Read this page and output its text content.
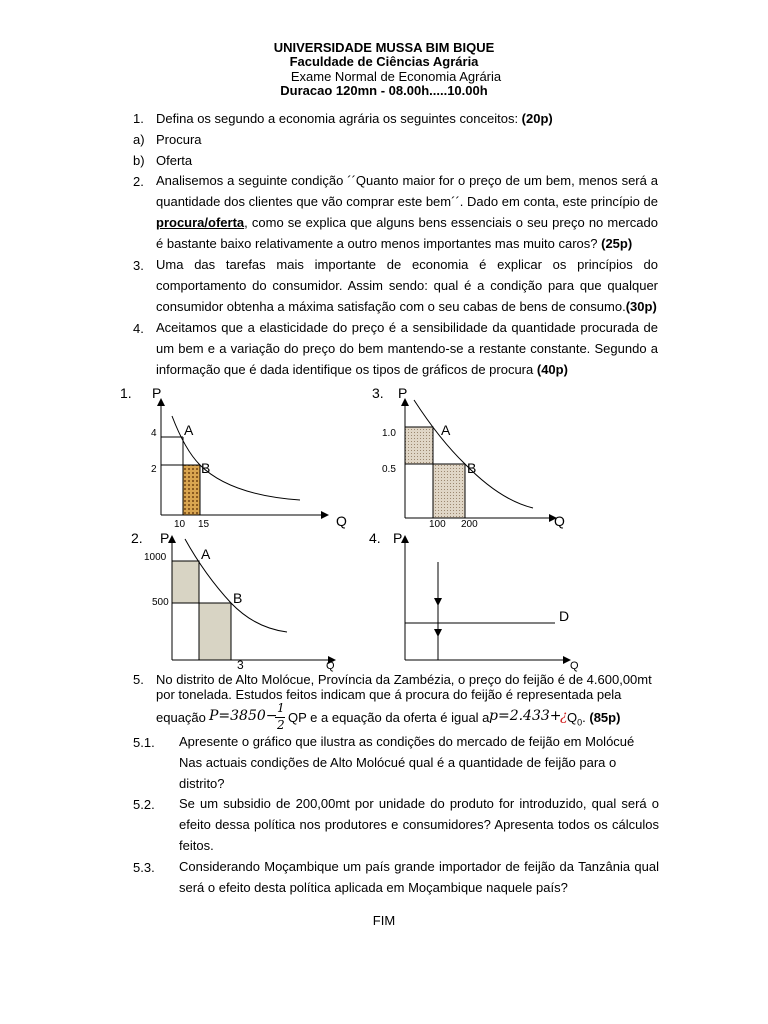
UNIVERSIDADE MUSSA BIM BIQUE
Faculdade de Ciências Agrária
Exame Normal de Economia Agrária
Duracao 120mn - 08.00h.....10.00h
1. Defina os segundo a economia agrária os seguintes conceitos: (20p)
a) Procura
b) Oferta
2. Analisemos a seguinte condição ´´Quanto maior for o preço de um bem, menos será a quantidade dos clientes que vão comprar este bem´´. Dado em conta, este princípio de procura/oferta, como se explica que alguns bens essenciais o seu preço no mercado é bastante baixo relativamente a outro menos importantes mas muito caros? (25p)
3. Uma das tarefas mais importante de economia é explicar os princípios do comportamento do consumidor. Assim sendo: qual é a condição para que qualquer consumidor obtenha a máxima satisfação com o seu cabas de bens de consumo.(30p)
4. Aceitamos que a elasticidade do preço é a sensibilidade da quantidade procurada de um bem e a variação do preço do bem mantendo-se a restante constante. Segundo a informação que é dada identifique os tipos de gráficos de procura (40p)
1. P
4
2
10 15
A
B
Q
3. P
1.0
0.5
100 200
A
B
Q
2. P
1000
500
3
A
B
Q
4. P
D
Q
5. No distrito de Alto Molócue, Província da Zambézia, o preço do feijão é de 4.600,00mt
por tonelada. Estudos feitos indicam que á procura do feijão é representada pela
equação P=3850− 1
2 QP e a equação da oferta é igual a p=2.433+
¿ $Q_0$. (85p)
5.1. Apresente o gráfico que ilustra as condições do mercado de feijão em Molócué
Nas actuais condições de Alto Molócué qual é a quantidade de feijão para o distrito?
5.2. Se um subsidio de 200,00mt por unidade do produto for introduzido, qual será o efeito dessa política nos produtores e consumidores? Apresenta todos os cálculos feitos.
5.3. Considerando Moçambique um país grande importador de feijão da Tanzânia qual será o efeito desta política aplicada em Moçambique naquele país?
FIM
